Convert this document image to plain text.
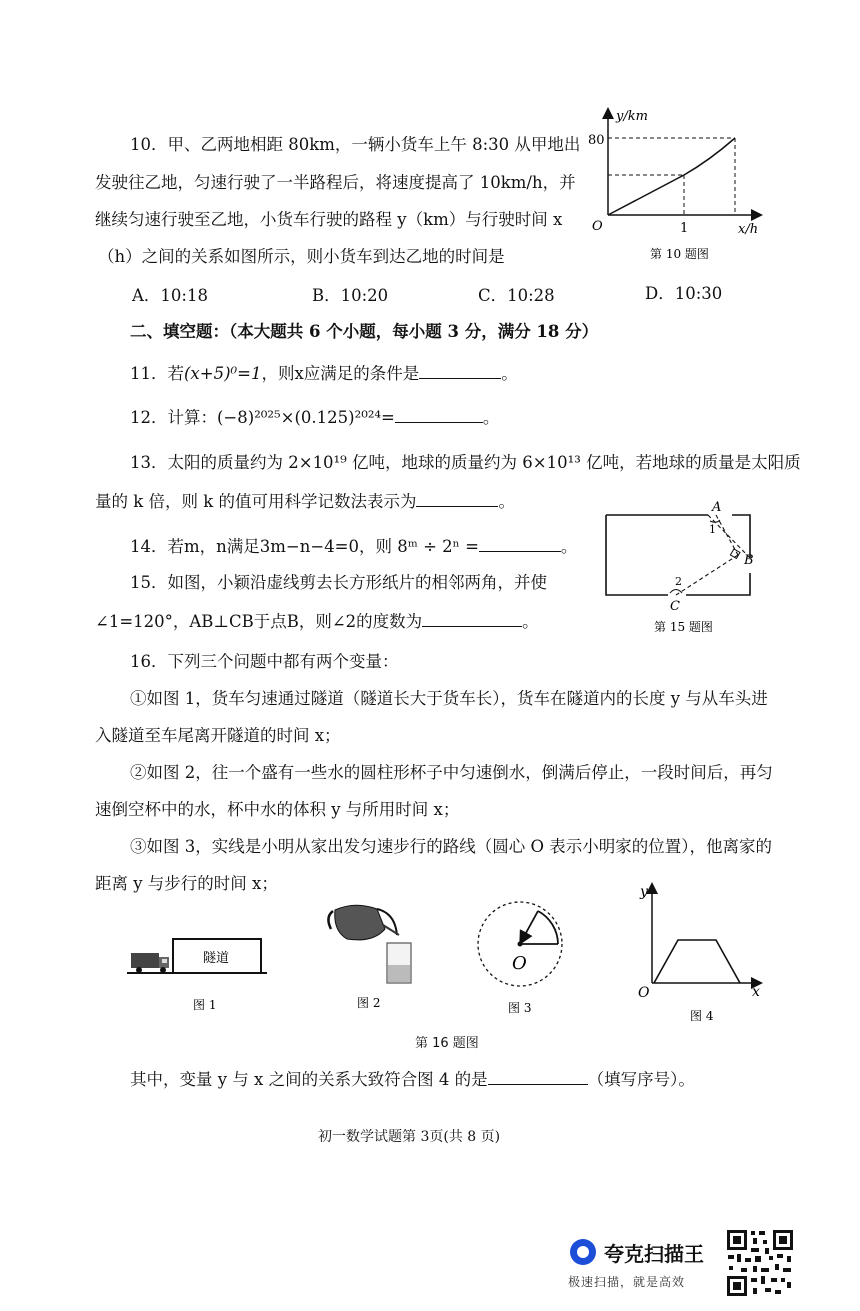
10．甲、乙两地相距 80km，一辆小货车上午 8:30 从甲地出
发驶往乙地，匀速行驶了一半路程后，将速度提高了 10km/h，并
继续匀速行驶至乙地，小货车行驶的路程 y（km）与行驶时间 x
（h）之间的关系如图所示，则小货车到达乙地的时间是
A．10:18	B．10:20	C．10:28	D．10:30
y/km
80
O	1	x/h
第 10 题图
二、填空题：（本大题共 6 个小题，每小题 3 分，满分 18 分）
11．若(x+5)⁰=1，则x应满足的条件是	。
12．计算：(−8)²⁰²⁵×(0.125)²⁰²⁴=	。
13．太阳的质量约为 2×10¹⁹ 亿吨，地球的质量约为 6×10¹³ 亿吨，若地球的质量是太阳质
量的 k 倍，则 k 的值可用科学记数法表示为	。
14．若m，n满足3m−n−4=0，则 8ᵐ ÷ 2ⁿ =	。
15．如图，小颖沿虚线剪去长方形纸片的相邻两角，并使
∠1=120°，AB⊥CB于点B，则∠2的度数为	。
A
B
C
1
2
第 15 题图
16．下列三个问题中都有两个变量：
①如图 1，货车匀速通过隧道（隧道长大于货车长），货车在隧道内的长度 y 与从车头进
入隧道至车尾离开隧道的时间 x；
②如图 2，往一个盛有一些水的圆柱形杯子中匀速倒水，倒满后停止，一段时间后，再匀
速倒空杯中的水，杯中水的体积 y 与所用时间 x；
③如图 3，实线是小明从家出发匀速步行的路线（圆心 O 表示小明家的位置），他离家的
距离 y 与步行的时间 x；
隧道
图 1	图 2
O
图 3
y
O	x
图 4
第 16 题图
其中，变量 y 与 x 之间的关系大致符合图 4 的是	（填写序号）。
初一数学试题第 3页(共 8 页)
夸克扫描王
极速扫描，就是高效
